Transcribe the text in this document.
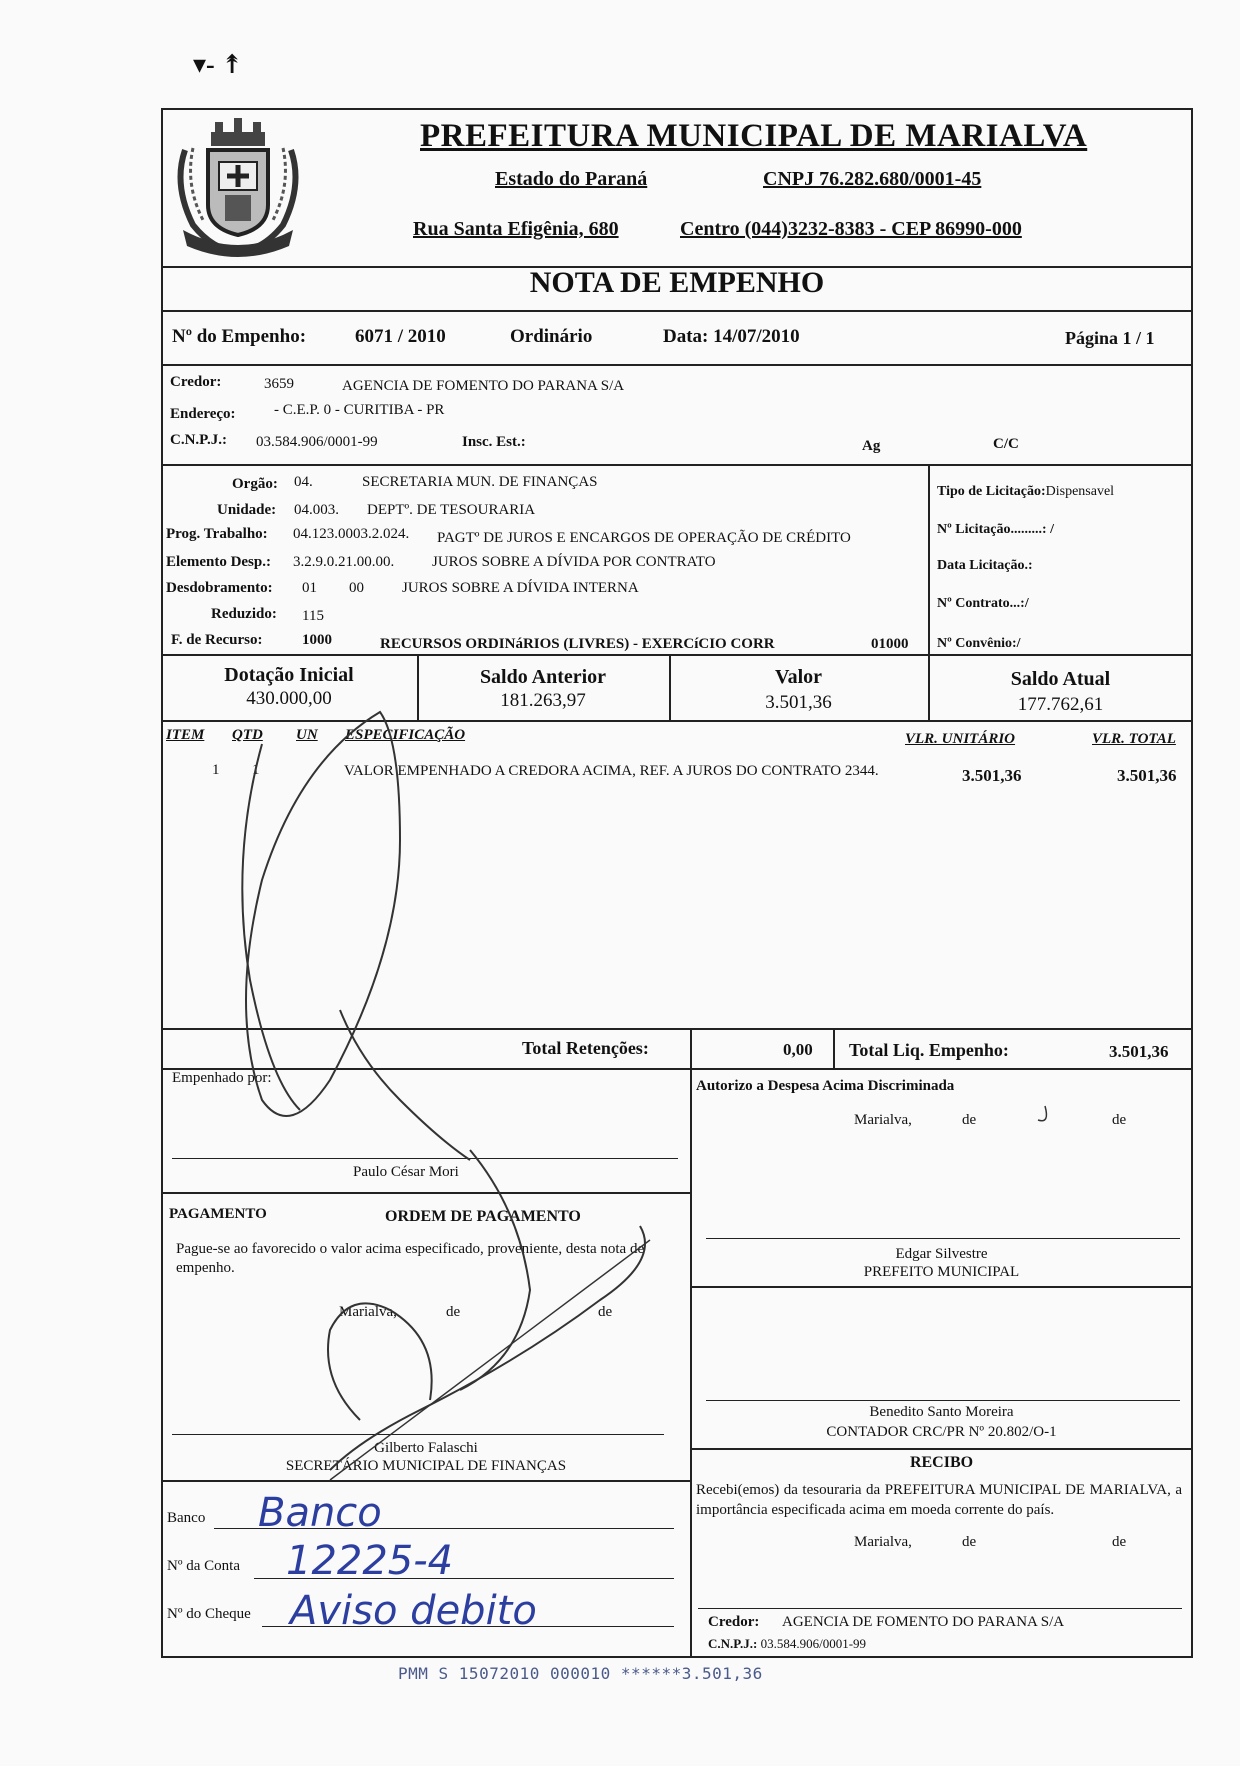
▾- ↟
PREFEITURA MUNICIPAL DE MARIALVA
Estado do Paraná	CNPJ 76.282.680/0001-45
Rua Santa Efigênia, 680	Centro (044)3232-8383 - CEP 86990-000
NOTA DE EMPENHO
Nº do Empenho:	6071 / 2010	Ordinário	Data: 14/07/2010	Página 1 / 1
Credor:	3659	AGENCIA DE FOMENTO DO PARANA S/A
Endereço:	- C.E.P. 0 - CURITIBA - PR
C.N.P.J.: 03.584.906/0001-99	Insc. Est.:	Ag	C/C
Orgão: 04.	SECRETARIA MUN. DE FINANÇAS
Unidade: 04.003. DEPTº. DE TESOURARIA
Prog. Trabalho: 04.123.0003.2.024. PAGTº DE JUROS E ENCARGOS DE OPERAÇÃO DE CRÉDITO
Elemento Desp.: 3.2.9.0.21.00.00.	JUROS SOBRE A DÍVIDA POR CONTRATO
Desdobramento: 01 00	JUROS SOBRE A DÍVIDA INTERNA
Reduzido: 115
F. de Recurso:	1000	RECURSOS ORDINáRIOS (LIVRES) - EXERCíCIO CORR	01000
Tipo de Licitação:Dispensavel
Nº Licitação.........: /
Data Licitação.:
Nº Contrato...:/
Nº Convênio:/
Dotação Inicial
430.000,00
Saldo Anterior
181.263,97
Valor
3.501,36
Saldo Atual
177.762,61
ITEM QTD UN ESPECIFICAÇÃO	VLR. UNITÁRIO	VLR. TOTAL
1 1	VALOR EMPENHADO A CREDORA ACIMA, REF. A JUROS DO CONTRATO 2344.	3.501,36	3.501,36
Total Retenções:	0,00 Total Liq. Empenho:	3.501,36
Empenhado por:
Paulo César Mori
Autorizo a Despesa Acima Discriminada
Marialva,	de	de
Edgar Silvestre
PREFEITO MUNICIPAL
Benedito Santo Moreira
CONTADOR CRC/PR Nº 20.802/O-1
PAGAMENTO	ORDEM DE PAGAMENTO
Pague-se ao favorecido o valor acima especificado, proveniente, desta nota de empenho.
Marialva,	de	de
Gilberto Falaschi
SECRETÁRIO MUNICIPAL DE FINANÇAS
Banco Banco
Nº da Conta 12225-4
Nº do Cheque Aviso debito
RECIBO
Recebi(emos) da tesouraria da PREFEITURA MUNICIPAL DE MARIALVA, a importância especificada acima em moeda corrente do país.
Marialva,	de	de
Credor: AGENCIA DE FOMENTO DO PARANA S/A
C.N.P.J.: 03.584.906/0001-99
PMM S 15072010 000010 ******3.501,36
